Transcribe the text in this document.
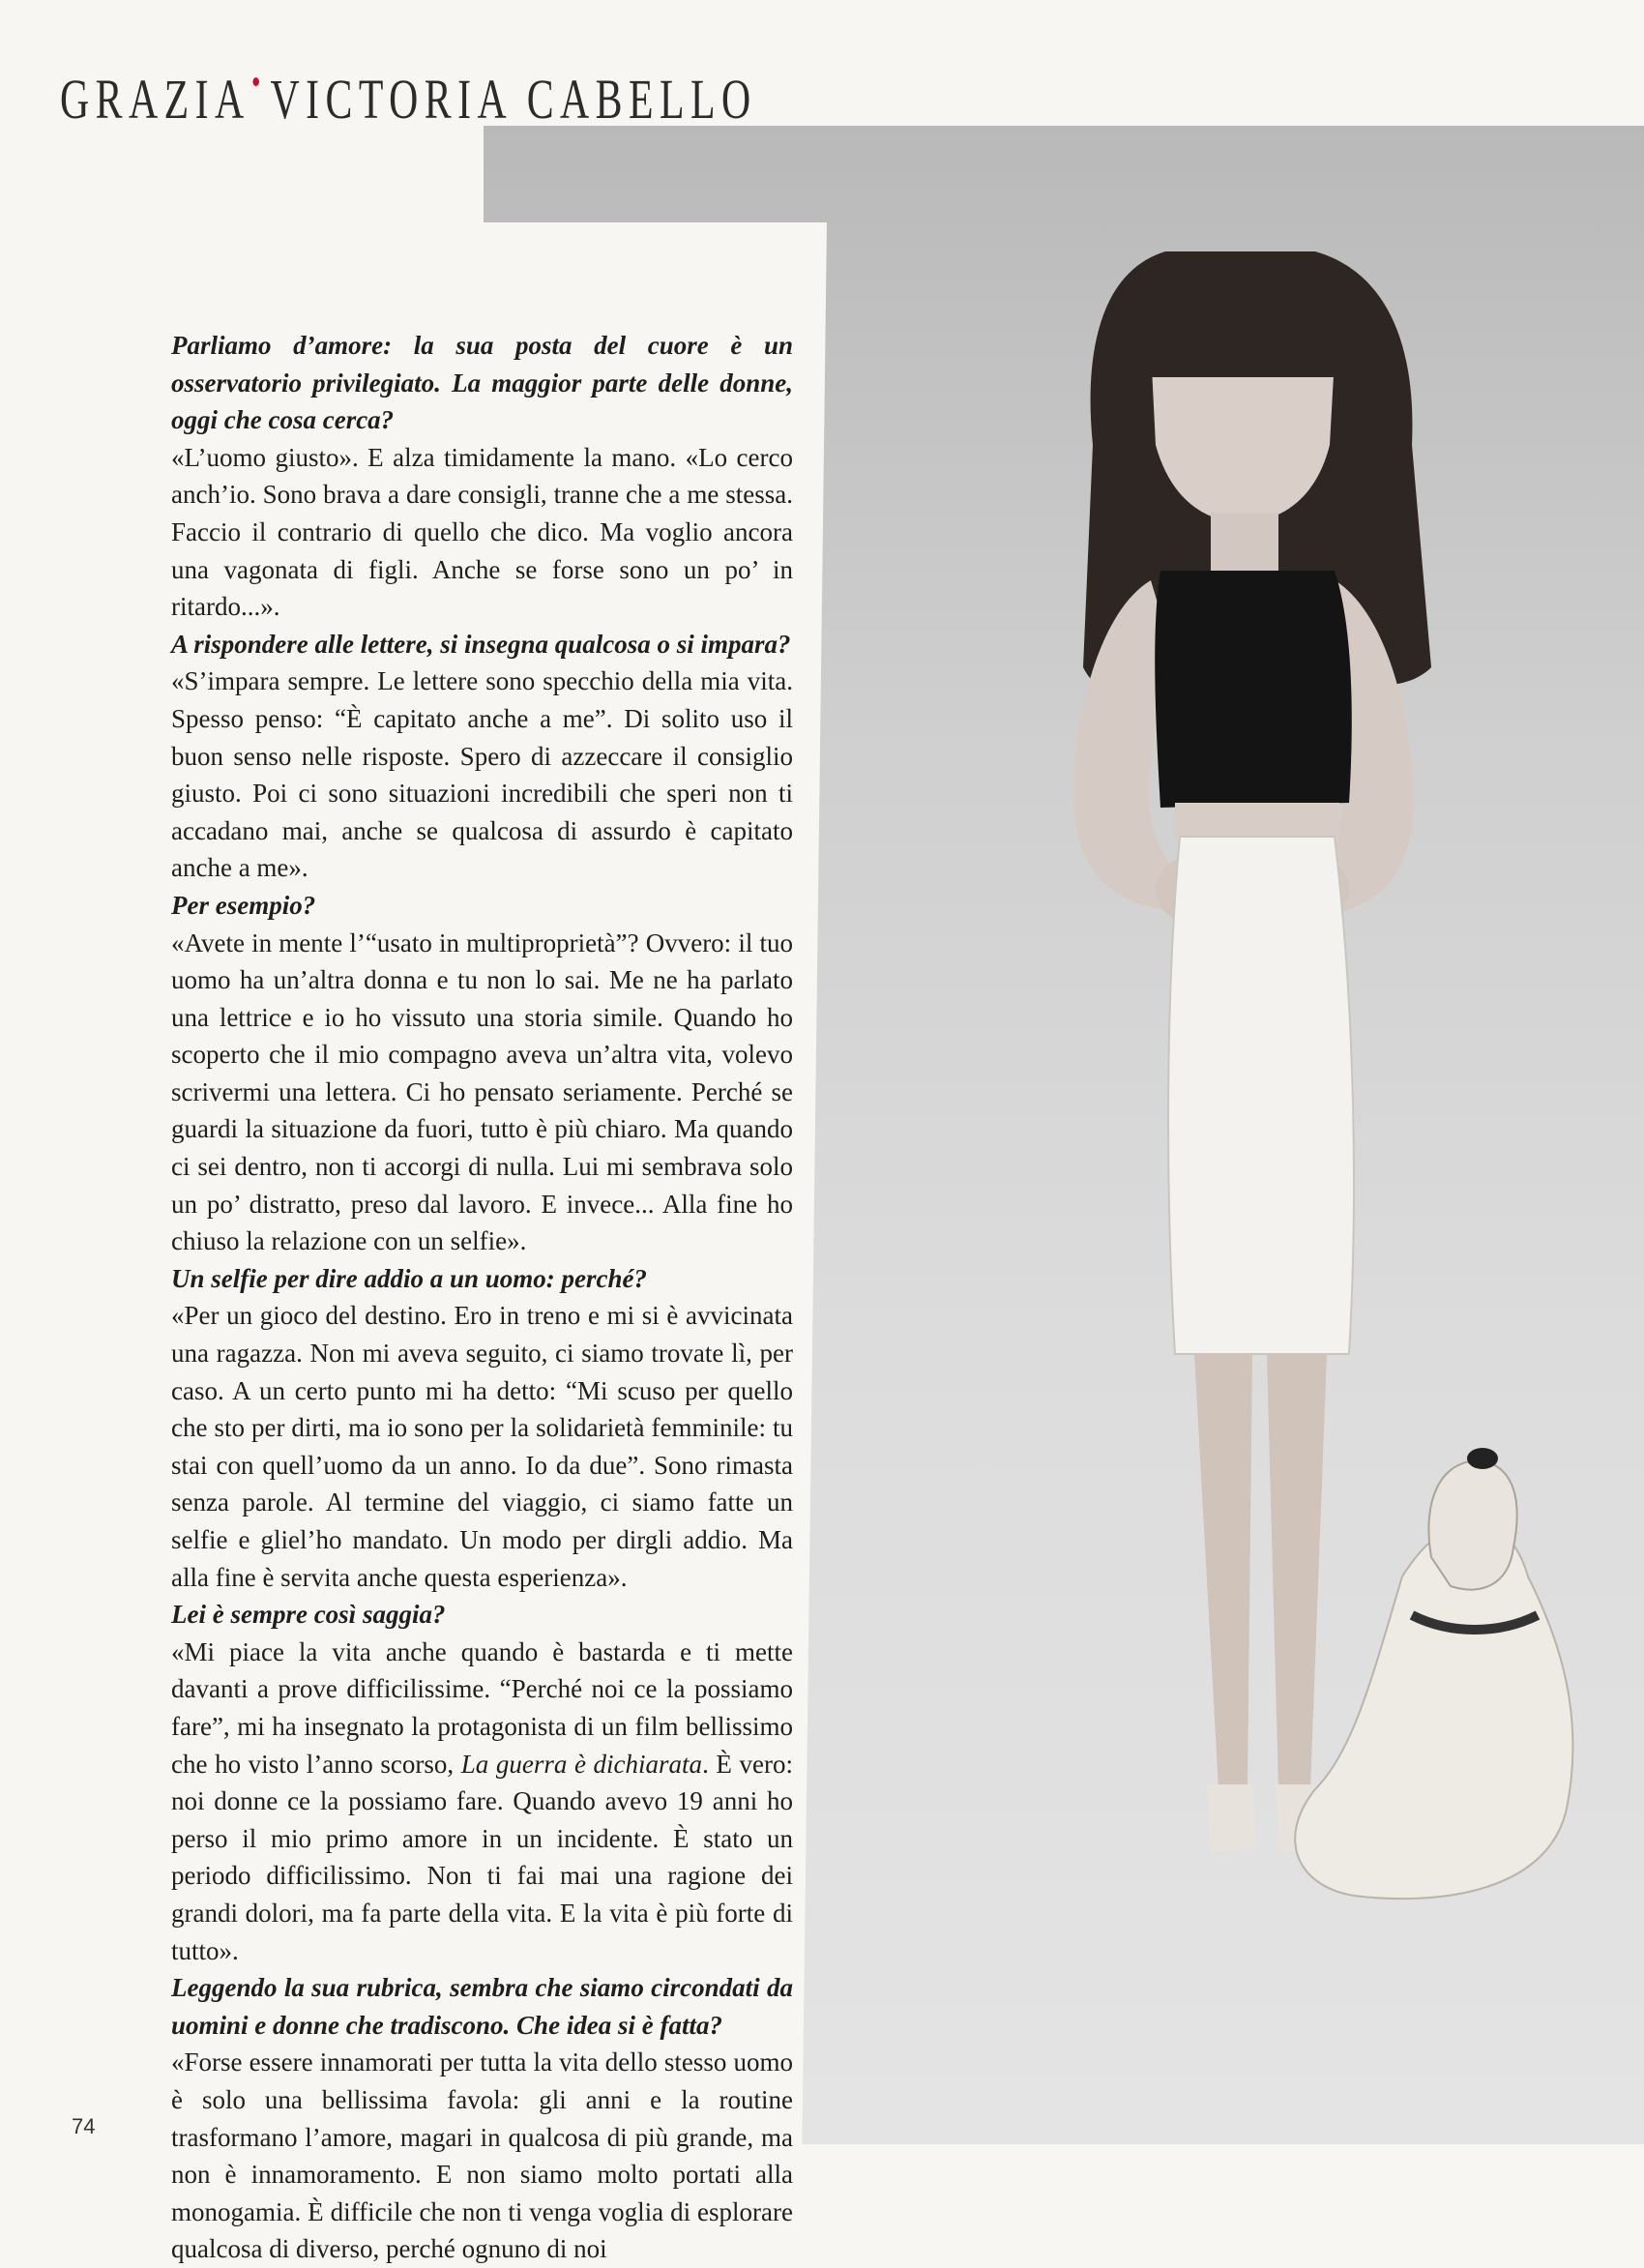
GRAZIA VICTORIA CABELLO

Parliamo d’amore: la sua posta del cuore è un osservatorio privilegiato. La maggior parte delle donne, oggi che cosa cerca?

«L’uomo giusto». E alza timidamente la mano. «Lo cerco anch’io. Sono brava a dare consigli, tranne che a me stessa. Faccio il contrario di quello che dico. Ma voglio ancora una vagonata di figli. Anche se forse sono un po’ in ritardo...».

A rispondere alle lettere, si insegna qualcosa o si impara?

«S’impara sempre. Le lettere sono specchio della mia vita. Spesso penso: “È capitato anche a me”. Di solito uso il buon senso nelle risposte. Spero di azzeccare il consiglio giusto. Poi ci sono situazioni incredibili che speri non ti accadano mai, anche se qualcosa di assurdo è capitato anche a me».

Per esempio?

«Avete in mente l’“usato in multiproprietà”? Ovvero: il tuo uomo ha un’altra donna e tu non lo sai. Me ne ha parlato una lettrice e io ho vissuto una storia simile. Quando ho scoperto che il mio compagno aveva un’altra vita, volevo scrivermi una lettera. Ci ho pensato seriamente. Perché se guardi la situazione da fuori, tutto è più chiaro. Ma quando ci sei dentro, non ti accorgi di nulla. Lui mi sembrava solo un po’ distratto, preso dal lavoro. E invece... Alla fine ho chiuso la relazione con un selfie».

Un selfie per dire addio a un uomo: perché?

«Per un gioco del destino. Ero in treno e mi si è avvicinata una ragazza. Non mi aveva seguito, ci siamo trovate lì, per caso. A un certo punto mi ha detto: “Mi scuso per quello che sto per dirti, ma io sono per la solidarietà femminile: tu stai con quell’uomo da un anno. Io da due”. Sono rimasta senza parole. Al termine del viaggio, ci siamo fatte un selfie e gliel’ho mandato. Un modo per dirgli addio. Ma alla fine è servita anche questa esperienza».

Lei è sempre così saggia?

«Mi piace la vita anche quando è bastarda e ti mette davanti a prove difficilissime. “Perché noi ce la possiamo fare”, mi ha insegnato la protagonista di un film bellissimo che ho visto l’anno scorso, La guerra è dichiarata. È vero: noi donne ce la possiamo fare. Quando avevo 19 anni ho perso il mio primo amore in un incidente. È stato un periodo difficilissimo. Non ti fai mai una ragione dei grandi dolori, ma fa parte della vita. E la vita è più forte di tutto».

Leggendo la sua rubrica, sembra che siamo circondati da uomini e donne che tradiscono. Che idea si è fatta?

«Forse essere innamorati per tutta la vita dello stesso uomo è solo una bellissima favola: gli anni e la routine trasformano l’amore, magari in qualcosa di più grande, ma non è innamoramento. E non siamo molto portati alla monogamia. È difficile che non ti venga voglia di esplorare qualcosa di diverso, perché ognuno di noi

74
